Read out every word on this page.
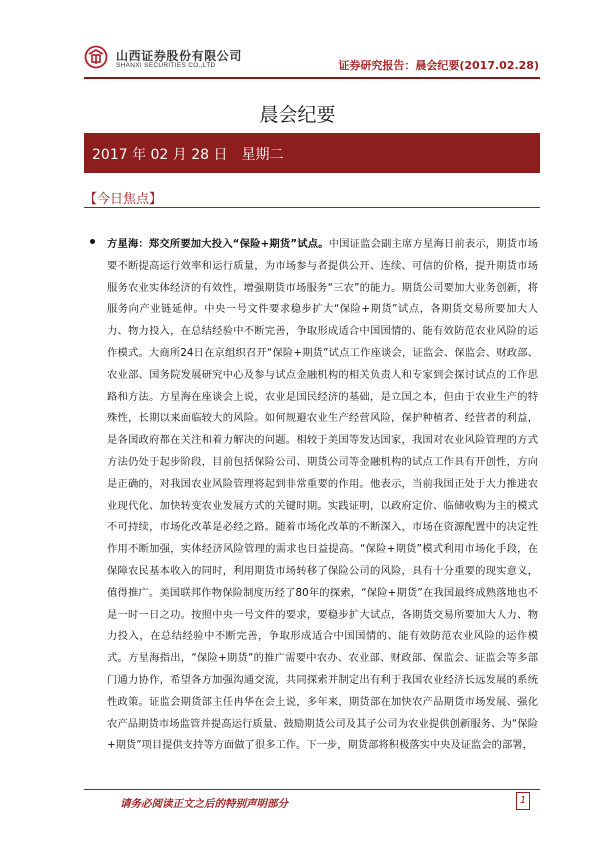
山西证券股份有限公司
SHANXI SECURITIES CO.,LTD	证券研究报告：晨会纪要(2017.02.28)
晨会纪要
2017 年 02 月 28 日　星期二
【今日焦点】
方星海：郑交所要加大投入“保险+期货”试点。中国证监会副主席方星海日前表示，期货市场要不断提高运行效率和运行质量，为市场参与者提供公开、连续、可信的价格，提升期货市场服务农业实体经济的有效性，增强期货市场服务“三农”的能力。期货公司要加大业务创新，将服务向产业链延伸。中央一号文件要求稳步扩大“保险+期货”试点，各期货交易所要加大人力、物力投入，在总结经验中不断完善，争取形成适合中国国情的、能有效防范农业风险的运作模式。大商所24日在京组织召开“保险+期货”试点工作座谈会，证监会、保监会、财政部、农业部、国务院发展研究中心及参与试点金融机构的相关负责人和专家到会探讨试点的工作思路和方法。方星海在座谈会上说，农业是国民经济的基础，是立国之本，但由于农业生产的特殊性，长期以来面临较大的风险。如何规避农业生产经营风险，保护种植者、经营者的利益，是各国政府都在关注和着力解决的问题。相较于美国等发达国家，我国对农业风险管理的方式方法仍处于起步阶段，目前包括保险公司、期货公司等金融机构的试点工作具有开创性，方向是正确的，对我国农业风险管理将起到非常重要的作用。他表示，当前我国正处于大力推进农业现代化、加快转变农业发展方式的关键时期。实践证明，以政府定价、临储收购为主的模式不可持续，市场化改革是必经之路。随着市场化改革的不断深入，市场在资源配置中的决定性作用不断加强，实体经济风险管理的需求也日益提高。“保险+期货”模式利用市场化手段，在保障农民基本收入的同时，利用期货市场转移了保险公司的风险，具有十分重要的现实意义，值得推广。美国联邦作物保险制度历经了80年的探索，“保险+期货”在我国最终成熟落地也不是一时一日之功。按照中央一号文件的要求，要稳步扩大试点，各期货交易所要加大人力、物力投入，在总结经验中不断完善，争取形成适合中国国情的、能有效防范农业风险的运作模式。方星海指出，“保险+期货”的推广需要中农办、农业部、财政部、保监会、证监会等多部门通力协作，希望各方加强沟通交流，共同探索并制定出有利于我国农业经济长远发展的系统性政策。证监会期货部主任冉华在会上说，多年来，期货部在加快农产品期货市场发展、强化农产品期货市场监管并提高运行质量、鼓励期货公司及其子公司为农业提供创新服务、为“保险+期货”项目提供支持等方面做了很多工作。下一步，期货部将积极落实中央及证监会的部署，
请务必阅读正文之后的特别声明部分	1
